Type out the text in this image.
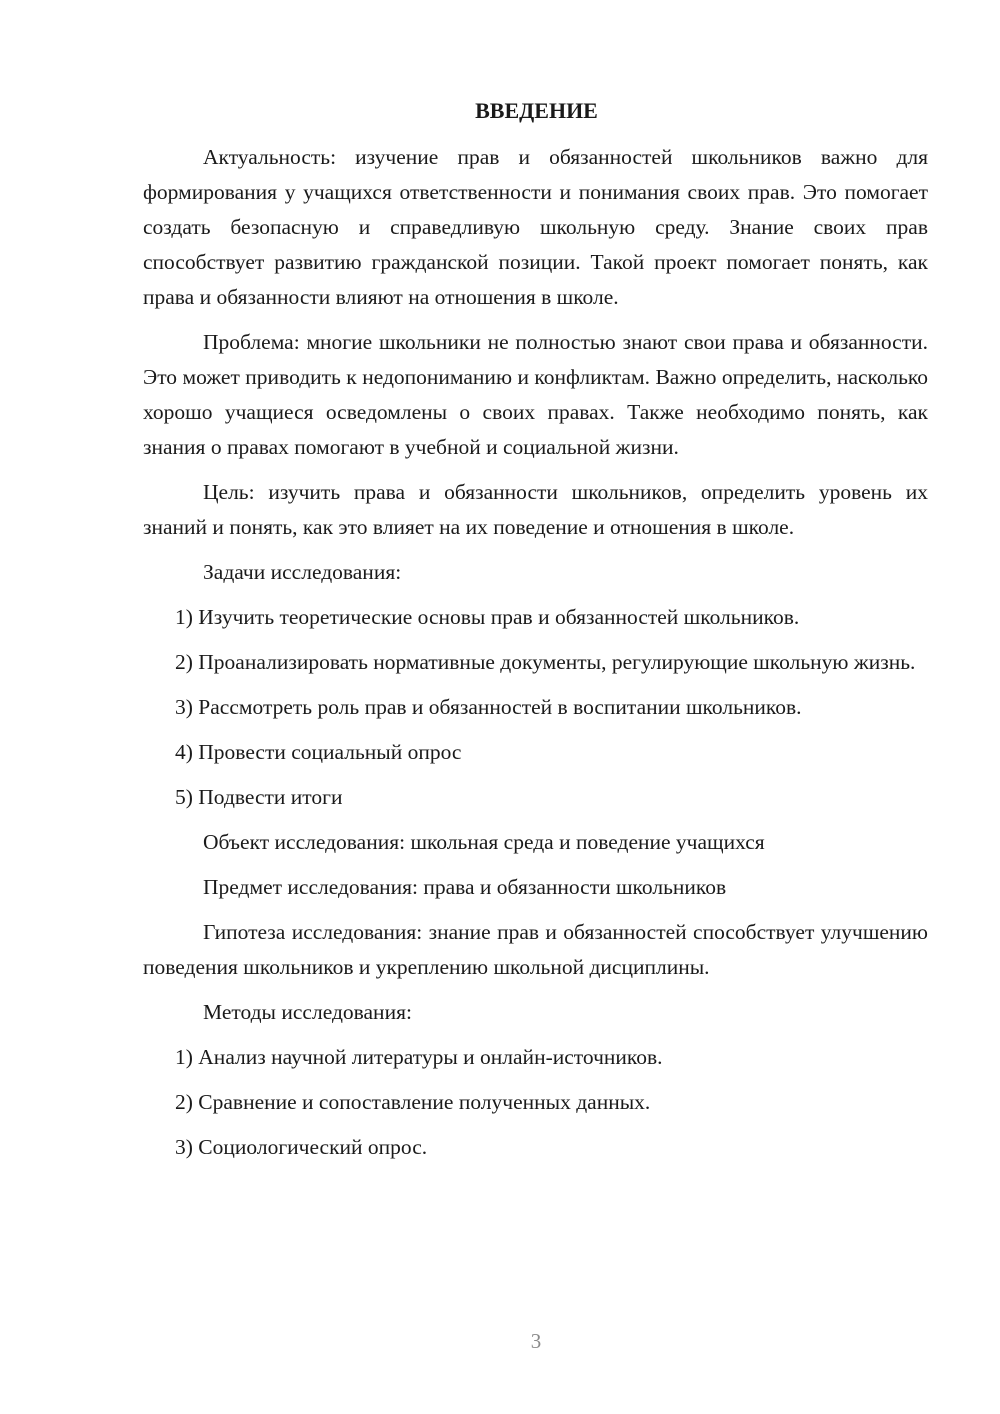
ВВЕДЕНИЕ

Актуальность: изучение прав и обязанностей школьников важно для формирования у учащихся ответственности и понимания своих прав. Это помогает создать безопасную и справедливую школьную среду. Знание своих прав способствует развитию гражданской позиции. Такой проект помогает понять, как права и обязанности влияют на отношения в школе.

Проблема: многие школьники не полностью знают свои права и обязанности. Это может приводить к недопониманию и конфликтам. Важно определить, насколько хорошо учащиеся осведомлены о своих правах. Также необходимо понять, как знания о правах помогают в учебной и социальной жизни.

Цель: изучить права и обязанности школьников, определить уровень их знаний и понять, как это влияет на их поведение и отношения в школе.

Задачи исследования:

1) Изучить теоретические основы прав и обязанностей школьников.

2) Проанализировать нормативные документы, регулирующие школьную жизнь.

3) Рассмотреть роль прав и обязанностей в воспитании школьников.

4) Провести социальный опрос

5) Подвести итоги

Объект исследования: школьная среда и поведение учащихся

Предмет исследования: права и обязанности школьников

Гипотеза исследования: знание прав и обязанностей способствует улучшению поведения школьников и укреплению школьной дисциплины.

Методы исследования:

1) Анализ научной литературы и онлайн-источников.

2) Сравнение и сопоставление полученных данных.

3) Социологический опрос.

3
